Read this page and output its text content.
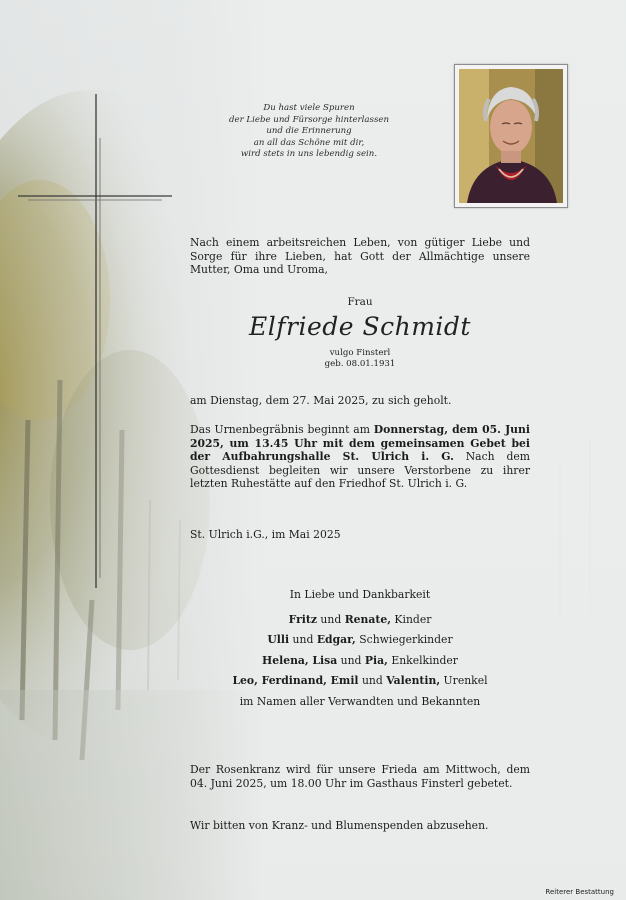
Du hast viele Spuren
der Liebe und Fürsorge hinterlassen
und die Erinnerung
an all das Schöne mit dir,
wird stets in uns lebendig sein.
Nach einem arbeitsreichen Leben, von gütiger Liebe und Sorge für ihre Lieben, hat Gott der Allmächtige unsere Mutter, Oma und Uroma,
Frau
Elfriede Schmidt
vulgo Finsterl
geb. 08.01.1931
am Dienstag, dem 27. Mai 2025, zu sich geholt.
Das Urnenbegräbnis beginnt am Donnerstag, dem 05. Juni 2025, um 13.45 Uhr mit dem gemeinsamen Gebet bei der Aufbahrungshalle St. Ulrich i. G. Nach dem Gottesdienst begleiten wir unsere Verstorbene zu ihrer letzten Ruhestätte auf den Friedhof St. Ulrich i. G.
St. Ulrich i.G., im Mai 2025
In Liebe und Dankbarkeit
Fritz und Renate, Kinder
Ulli und Edgar, Schwiegerkinder
Helena, Lisa und Pia, Enkelkinder
Leo, Ferdinand, Emil und Valentin, Urenkel
im Namen aller Verwandten und Bekannten
Der Rosenkranz wird für unsere Frieda am Mittwoch, dem 04. Juni 2025, um 18.00 Uhr im Gasthaus Finsterl gebetet.
Wir bitten von Kranz- und Blumenspenden abzusehen.
Reiterer Bestattung
